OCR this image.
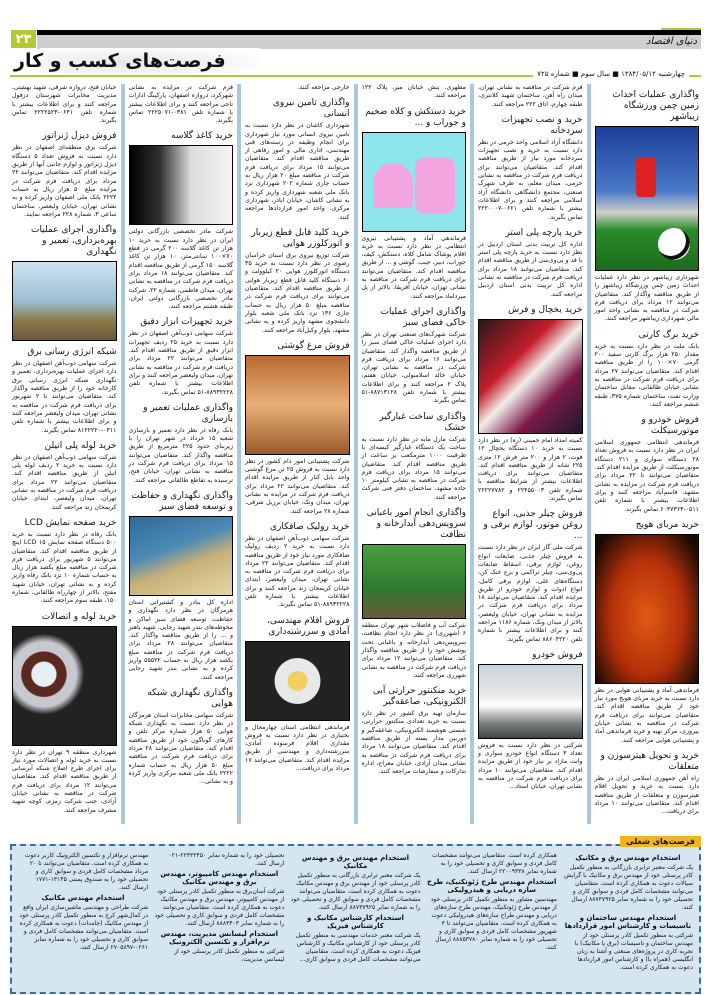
۲۳	دنیای اقتصاد
فرصت‌های کسب و کار
چهارشنبه ۱۳۸۴/۰۵/۱۲ ■ سال سوم ■ شماره ۷۲۵
واگذاری عملیات احداث زمین چمن ورزشگاه زیباشهر

شهرداری زیباشهر در نظر دارد عملیات احداث زمین چمن ورزشگاه زیباشهر را از طریق مناقصه واگذار کند. متقاضیان می‌توانند ۱۲ مرداد برای دریافت فرم شرکت در مناقصه به نشانی واحد امور مالی شهرداری زیباشهر مراجعه کنند.

خرید برگ کارتی

بانک ملت در نظر دارد نسبت به خرید مقدار ۲۵۰ هزار برگ کارتی سفید ۲۰۰ گرمی ۷۰×۱۰۰ را از طریق مناقصه اقدام کند. متقاضیان می‌توانند ۲۷ مرداد برای دریافت فرم شرکت در مناقصه به نشانی خیابان طالقانی، مقابل ساختمان وزارت نفت، ساختمان شماره ۳۷۵، طبقه ششم مراجعه کنند.

فروش خودرو و موتورسیکلت

فرماندهی انتظامی جمهوری اسلامی ایران در نظر دارد نسبت به فروش تعداد ۲۸ دستگاه سواری و ۲۱۱ دستگاه موتورسیکلت از طریق مزایده اقدام کند. متقاضیان می‌توانند تا ۲۲ مرداد برای دریافت فرم شرکت در مزایده به نشانی مشهد، قاسم‌آباد مراجعه کنند و برای اطلاعات بیشتر با شماره تلفن ۰۵۱۱-۶۰۴۷۳۶۴ تماس بگیرند.

خرید مربای هویج

فرماندهی آماد و پشتیبانی هوایی در نظر دارد نسبت به خرید مربای هویج مورد نیاز خود از طریق مناقصه اقدام کند. متقاضیان می‌توانند برای دریافت فرم شرکت در مناقصه به نشانی خیابان پیروزی، مرکز تهیه و خرید فرماندهی آماد و پشتیبانی هوایی مراجعه کنند.

خرید و تحویل هیترسوزن و متعلقات

راه آهن جمهوری اسلامی ایران در نظر دارد نسبت به خرید و تحویل اقلام هیترسوزن و متعلقات از طریق مناقصه اقدام کند. متقاضیان می‌توانند ۱۰ مرداد برای دریافت...

فرم شرکت در مناقصه به نشانی تهران، میدان راه آهن، ساختمان شهید کلانتری، طبقه چهارم، اتاق ۲۲۲ مراجعه کنند.

خرید و نصب تجهیزات سردخانه

دانشگاه آزاد اسلامی واحد خرمی در نظر دارد نسبت به خرید و نصب تجهیزات سردخانه مورد نیاز از طریق مناقصه اقدام کند. متقاضیان می‌توانند برای دریافت فرم شرکت در مناقصه به نشانی خرمی، میدان معلم، به طرف شهرک صنعتی، مجتمع دانشگاهی دانشگاه آزاد اسلامی مراجعه کنند و برای اطلاعات بیشتر با شماره تلفن ۰۶۶۱-۲۲۲۰۰۰۷ تماس بگیرند.

خرید پارچه پلی استر

اداره کل تربیت بدنی استان اردبیل در نظر دارد نسبت به خرید پارچه پلی استر با قد و پی‌وی‌سی از طریق مناقصه اقدام کند. متقاضیان می‌توانند ۱۸ مرداد برای دریافت فرم شرکت در مناقصه به نشانی اداره کل تربیت بدنی استان اردبیل مراجعه کنند.

خرید یخچال و فرش

کمیته امداد امام خمینی (ره) در نظر دارد نسبت به خرید ۱۰ دستگاه یخچال ۱۲ فوت، ۲ هزار و ۲۰۰ متر فرش ۱۲ متری ۲۲۵ شانه از طریق مناقصه اقدام کند. متقاضیان می‌توانند برای دریافت اطلاعات بیشتر از شرایط مناقصه با شماره تلفن ۲۲۴۵۵۰۰۳ و ۲۲۲۲۷۷۸۲ تماس بگیرند.

فروش چیلر جذبی، انواع روغن موتور، لوازم برقی و ...

شرکت ملی گاز ایران در نظر دارد نسبت به فروش چیلر جذبی، ضایعات انواع روغن، لوازم برقی، اسقاط ضایعات پی‌وی‌سی، چیلر تراکمی و برج خنک کن، دستگاه‌های علی، لوازم برقی کامل، انواع ادوات و لوازم خودرو از طریق مزایده اقدام کند. متقاضیان می‌توانند ۱۸ مرداد برای دریافت فرم شرکت در مزایده به نشانی تهران، خیابان ولیعصر، بالاتر از میدان ونک، شماره ۱۱۸۶ مراجعه کنند و برای اطلاعات بیشتر با شماره تلفن ۸۸۶۰۴۲۲۰ تماس بگیرند.

فروش خودرو

شرکتی در نظر دارد نسبت به فروش تعداد ۳ دستگاه انواع خودرو سواری و وانت مازاد بر نیاز خود از طریق مزایده اقدام کند. متقاضیان می‌توانند ۱۰ مرداد برای دریافت فرم شرکت در مناقصه به نشانی تهران، خیابان استاد...

مطهری، نبش خیابان میر، پلاک ۱۲۲ مراجعه کنند.

خرید دستکش و کلاه ضخیم و جوراب و ...

فرماندهی آماد و پشتیبانی نیروی انتظامی در نظر دارد نسبت به خرید اقلام پوشاک شامل کلاه، دستکش، کیف، جوراب، دبیر، جیب، گوشی و ... از طریق مناقصه اقدام کند. متقاضیان می‌توانند برای دریافت فرم شرکت در مناقصه به نشانی تهران، خیابان آفریقا، بالاتر از پل میرداماد مراجعه کنند.

واگذاری اجرای عملیات خاکی فضای سبز

شرکت شهرک‌های صنعتی تهران در نظر دارد اجرای عملیات خاکی فضای سبز را از طریق مناقصه واگذار کند. متقاضیان می‌توانند ۱۶ مرداد برای دریافت فرم شرکت در مناقصه به نشانی تهران، خیابان خالد اسلامبولی، خیابان هفتم، پلاک ۲ مراجعه کنند و برای اطلاعات بیشتر با شماره تلفن ۸۸۷۱۳۱۲۸-۵۱ تماس بگیرند.

واگذاری ساخت غبارگیر خشک

شرکت مارل مایه در نظر دارد نسبت به ساخت یک دستگاه غبارگیر کیسه‌ای با ظرفیت ۱۰۰۰ مترمکعب بر ساعت از طریق مناقصه اقدام کند. متقاضیان می‌توانند ۱۵ مرداد برای دریافت فرم شرکت در مناقصه به نشانی کیلومتر ۱۰ جاده مشهد، ساختمان دفتر فنی شرکت مراجعه کنند.

واگذاری انجام امور باغبانی سرویس‌دهی آبدارخانه و نظافت

شرکت آب و فاضلاب شهر تهران منطقه ۶ (شهرری) در نظر دارد انجام نظافت، سرویس‌دهی آبدارخانه و باغبانی تحت پوشش خود را از طریق مناقصه واگذار کند. متقاضیان می‌توانند ۱۲ مرداد برای دریافت فرم شرکت در مناقصه به نشانی شهرری مراجعه کنند.

خرید منکنتور حرارتی آبی الکترونیکی، صاعقه‌گیر

سازمان تهیه برق کشور در نظر دارد نسبت به خرید تعدادی منکنتور حرارتی، شستی هوشمند الکترونیکی، صاعقه‌گیر و دوربین مدار بسته از طریق مناقصه اقدام کند. متقاضیان می‌توانند ۱۸ مرداد برای دریافت فرم شرکت در مناقصه به نشانی میدان آزادی، خیابان معراج، اداره تدارکات و سفارشات مراجعه کنند.

خارجی مراجعه کنند.

واگذاری تامین نیروی انسانی

شهرداری کاشان در نظر دارد نسبت به تامین نیروی انسانی مورد نیاز شهرداری برای انجام وظیفه در رسته‌های فنی مهندسی، اداری مالی و امور رفاهی از طریق مناقصه اقدام کند. متقاضیان می‌توانند ۱۵ مرداد برای دریافت فرم شرکت در مناقصه مبلغ ۲۰ هزار ریال به حساب جاری شماره ۲۰۲ شهرداری نزد بانک ملی شعبه شهرداری واریز کرده و به نشانی کاشان، خیابان اباذر، شهرداری مرکزی، واحد امور قراردادها مراجعه کنند.

خرید کلید قابل قطع زیربار و اتورکلوزر هوایی

شرکت توزیع نیروی برق استان خراسان رضوی در نظر دارد نسبت به خرید ۳۵ دستگاه اتورکلوزر هوایی ۲۰ کیلوولت و ۶۰ دستگاه کلید قابل قطع زیربار هوایی از طریق مناقصه اقدام کند. متقاضیان می‌توانند برای دریافت فرم شرکت در مناقصه مبلغ ۵۰ هزار ریال به حساب جاری ۱۳۶ نزد بانک ملی شعبه بلوار دانشجوی مشهد واریز کرده و به نشانی مشهد، بلوار وکیل‌آباد مراجعه کنند.

فروش مرغ گوشتی

شرکت پشتیبانی امور دام کشور در نظر دارد نسبت به فروش ۲۵ تن مرغ گوشتی واحد بابل کنار از طریق مزایده اقدام کند. متقاضیان می‌توانند ۲۲ مرداد برای دریافت فرم شرکت در مزایده به نشانی تهران، میدان ونک، خیابان برزیل شرقی، شماره ۲۸ مراجعه کنند.

خرید رولیک صافکاری

شرکت سهامی ذوب‌آهن اصفهان در نظر دارد نسبت به خرید ۲ ردیف رولیک صافکاری مورد نیاز خود از طریق مناقصه اقدام کند. متقاضیان می‌توانند ۲۲ مرداد برای دریافت فرم شرکت در مناقصه به نشانی تهران، میدان ولیعصر، ابتدای خیابان کریمخان زند مراجعه کنند و برای اطلاعات بیشتر با شماره تلفن ۸۸۹۳۲۲۲۸-۵۱ تماس بگیرند.

فروش اقلام مهندسی، آمادی و سررشته‌داری

فرماندهی انتظامی استان چهارمحال و بختیاری در نظر دارد نسبت به فروش مقداری اقلام فرسوده آمادی، سررشته‌داری و مهندسی از طریق مزایده اقدام کند. متقاضیان می‌توانند ۱۷ مرداد برای دریافت...

فرم شرکت در مزایده به نشانی شهرکرد، دروازه اصفهان، پارکینگ ادارات ناجی مراجعه کنند و برای اطلاعات بیشتر با شماره تلفن ۰۳۸۱-۲۲۲۵۰۷۱ تماس بگیرند.

خرید کاغذ گلاسه

شرکت مادر تخصصی بازرگانی دولتی ایران در نظر دارد نسبت به خرید ۱۰ هزار تن کاغذ گلاسه ۲۰۰ گرمی در قطع ۷۰×۱۰۰ سانتی‌متر، ۱۰ هزار تن کاغذ گلاسه ۱۵۰ گرمی از طریق مناقصه اقدام کند. متقاضیان می‌توانند ۱۸ مرداد برای دریافت فرم شرکت در مناقصه به نشانی تهران، میدان فاطمی، شماره ۲۲، شرکت مادر تخصصی بازرگانی دولتی ایران، طبقه هشتم مراجعه کنند.

خرید تجهیزات ابزار دقیق

شرکت سهامی ذوب‌آهن اصفهان در نظر دارد نسبت به خرید ۲۵ ردیف تجهیزات ابزار دقیق از طریق مناقصه اقدام کند. متقاضیان می‌توانند ۲۲ مرداد برای دریافت فرم شرکت در مناقصه به نشانی تهران، میدان ولیعصر مراجعه کنند و برای اطلاعات بیشتر با شماره تلفن ۸۸۹۳۲۲۲۸-۵۱ تماس بگیرند.

واگذاری عملیات تعمیر و بازسازی

بانک رفاه در نظر دارد تعمیر و بازسازی شعبه ۱۵ خرداد در شهر تهران را با زیربنای حدود ۲۲۵ مترمربع از طریق مناقصه واگذار کند. متقاضیان می‌توانند ۱۵ مرداد برای دریافت فرم شرکت در مناقصه به نشانی تهران، خیابان فتح، نرسیده به تقاطع طالقانی مراجعه کنند.

واگذاری نگهداری و حفاظت و توسعه فضای سبز

اداره کل بنادر و کشتیرانی استان هرمزگان در نظر دارد نگهداری و حفاظت، توسعه فضای سبز اماکن و محوطه‌های بندر شهید رجایی، شهید باهنر و ... را از طریق مناقصه واگذار کند. متقاضیان می‌توانند ۲۸ مرداد برای دریافت فرم شرکت در مناقصه مبلغ یکصد هزار ریال به حساب ۵۵۵۲۲ واریز کرده و به نشانی بندر شهید رجایی مراجعه کنند.

واگذاری نگهداری شبکه هوایی

شرکت سهامی مخابرات استان هرمزگان در نظر دارد نسبت به نگهداری شبکه هوایی ۵۰ هزار شماره مرکز تلفن و کارهای گوناگون خود از طریق مناقصه اقدام کند. متقاضیان می‌توانند ۲۸ مرداد برای دریافت فرم شرکت در مناقصه مبلغ ۵۰ هزار ریال به حساب شماره ۲۲۲۲ بانک ملی شعبه مرکزی واریز کرده و به نشانی...

خیابان فتح، دروازه شرقی، شهید بهشتی، مدیریت مخابرات شهرستان دزفول مراجعه کنند و برای اطلاعات بیشتر با شماره تلفن ۰۶۴۱-۲۲۲۲۵۲۳ تماس بگیرند.

فروش دیزل ژنراتور

شرکت برق منطقه‌ای اصفهان در نظر دارد نسبت به فروش تعداد ۵ دستگاه دیزل ژنراتور و لوازم جانبی آنها از طریق مزایده اقدام کند. متقاضیان می‌توانند ۲۲ مرداد برای دریافت فرم شرکت در مزایده مبلغ ۵۰ هزار ریال به حساب ۲۲۲۲ بانک ملی اصفهان واریز کرده و به نشانی تهران، خیابان ولیعصر، ساختمان ساعی ۳، شماره ۲۲۸ مراجعه نمایند.

واگذاری اجرای عملیات بهره‌برداری، تعمیر و نگهداری
شبکه انرژی رسانی برق

شرکت سهامی ذوب‌آهن اصفهان در نظر دارد اجرای عملیات بهره‌برداری، تعمیر و نگهداری شبکه انرژی رسانی برق کارخانه خود را از طریق مناقصه واگذار کند. متقاضیان می‌توانند تا ۲ شهریور برای دریافت فرم شرکت در مناقصه به نشانی تهران، میدان ولیعصر مراجعه کنند و برای اطلاعات بیشتر با شماره تلفن ۰۳۱۱-۸۱۲۲۲۲۰ تماس بگیرند.

خرید لوله پلی اتیلن

شرکت سهامی ذوب‌آهن اصفهان در نظر دارد نسبت به خرید ۲ ردیف لوله پلی اتیلن از طریق مناقصه اقدام کند. متقاضیان می‌توانند ۲۲ مرداد برای دریافت فرم شرکت در مناقصه به نشانی تهران، میدان ولیعصر، ابتدای خیابان کریمخان زند مراجعه کنند.

خرید صفحه نمایش LCD

بانک رفاه در نظر دارد نسبت به خرید ۵۰۰ دستگاه صفحه نمایش LCD ۱۵ اینچ از طریق مناقصه اقدام کند. متقاضیان می‌توانند ۵ شهریور برای دریافت فرم شرکت در مناقصه مبلغ یکصد هزار ریال به حساب شماره ۱۰ نزد بانک رفاه واریز کرده و به نشانی تهران، خیابان شهید مفتح، بالاتر از چهارراه طالقانی، شماره ۱۵۰، طبقه سوم مراجعه کنند.

خرید لوله و اتصالات

شهرداری منطقه ۹ تهران در نظر دارد نسبت به خرید لوله و اتصالات مورد نیاز برای اجرای طرح اصلاح شبکه آبرسانی از طریق مناقصه اقدام کند. متقاضیان می‌توانند ۱۲ مرداد برای دریافت فرم شرکت در مناقصه به نشانی خیابان آزادی، جنب شرکت زمزم، کوچه شهید مشرف مراجعه کنند.

فرصت‌های شغلی
استخدام مهندس برق و مکانیک

یک شرکت معتبر ترابری بازرگانی به منظور تکمیل کادر پرسنلی خود از مهندس برق و مکانیک با گرایش سیالات دعوت به همکاری کرده است. متقاضیان می‌توانند مشخصات کامل فردی و سوابق کاری و تحصیلی خود را به شماره نمابر ۸۸۷۳۷۹۲۵ ارسال کنند.

استخدام مهندس ساختمان و تاسیسات و کارشناس امور قراردادها

شرکتی به منظور تکمیل کادر پرسنلی خود از مهندس ساختمان و تاسیسات (برق یا مکانیک) با تجربه کاری در پروژه‌های صنعتی و آشنا به زبان انگلیسی (همراه با) و کارشناس امور قراردادها دعوت به همکاری کرده است.

همکاری کرده است. متقاضیان می‌توانند مشخصات کامل فردی و سوابق کاری و تحصیلی خود را به شماره نمابر ۲۲۰۰۹۳۳۸ ارسال کنند.

استخدام مهندس طرح ژئوتکنیک، طرح سازه دریایی و هیدرولیکی

مهندسین مشاور به منظور تکمیل کادر پرسنلی خود از مهندس طرح ژئوتکنیک، مهندس طرح سازه‌های دریایی و مهندس طراح سازه‌های هیدرولیکی دعوت به همکاری کرده است. متقاضیان می‌توانند تا ۳ شهریور مشخصات کامل فردی و سوابق کاری و تحصیلی خود را به شماره نمابر ۸۸۸۵۳۷۸۰ ارسال کنند.

استخدام مهندس برق و مهندس مکانیک

یک شرکت معتبر ترابری بازرگانی به منظور تکمیل کادر پرسنلی خود از مهندس برق و مهندس مکانیک دعوت به همکاری کرده است. متقاضیان می‌توانند مشخصات کامل فردی و سوابق کاری و تحصیلی خود را به شماره نمابر ۸۸۷۳۷۹۲۵ ارسال کنند.

استخدام کارشناس مکانیک و کارشناس فیزیک

یک شرکت معتبر خدمات مهندسی به منظور تکمیل کادر پرسنلی خود از کارشناس مکانیک و کارشناس فیزیک دعوت به همکاری کرده است. متقاضیان می‌توانند مشخصات کامل فردی و سوابق کاری...

تحصیلی خود را به شماره نمابر ۲۲۳۳۲۴۵۰-۰۲۱ ارسال کنند.

استخدام مهندس کامپیوتر، مهندس برق و مهندس مکانیک

شرکت آسان‌برق به منظور تکمیل کادر پرسنلی خود از مهندس کامپیوتر، مهندس برق و مهندس مکانیک دعوت به همکاری کرده است. متقاضیان می‌توانند مشخصات کامل فردی و سوابق کاری و تحصیلی خود را به شماره نمابر ۸۸۸۳۴۰۳ ارسال کنند.

استخدام لیسانس مدیریت، مهندس نرم‌افزار و تکنسین الکترونیک

شرکتی به منظور تکمیل کادر پرسنلی خود از لیسانس مدیریت،

مهندس نرم‌افزار و تکنسین الکترونیک کاربر دعوت به همکاری کرده است. متقاضیان می‌توانند تا ۲۰ مرداد مشخصات کامل فردی و سوابق کاری و تحصیلی خود را به صندوق پستی ۱۳۱۴۵-۱۷۷۱ ارسال کنند.

استخدام مهندس مکانیک

شرکت طراحی و مهندسی ماشین‌سازی ایران واقع در کمال‌شهر کرج به منظور تکمیل کادر پرسنلی خود از مهندس مکانیک (جامدات) دعوت به همکاری کرده است. متقاضیان می‌توانند مشخصات کامل فردی و سوابق کاری و تحصیلی خود را به شماره نمابر ۰۲۶۱-۲۷۰۵۸۹۷ ارسال کنند.
